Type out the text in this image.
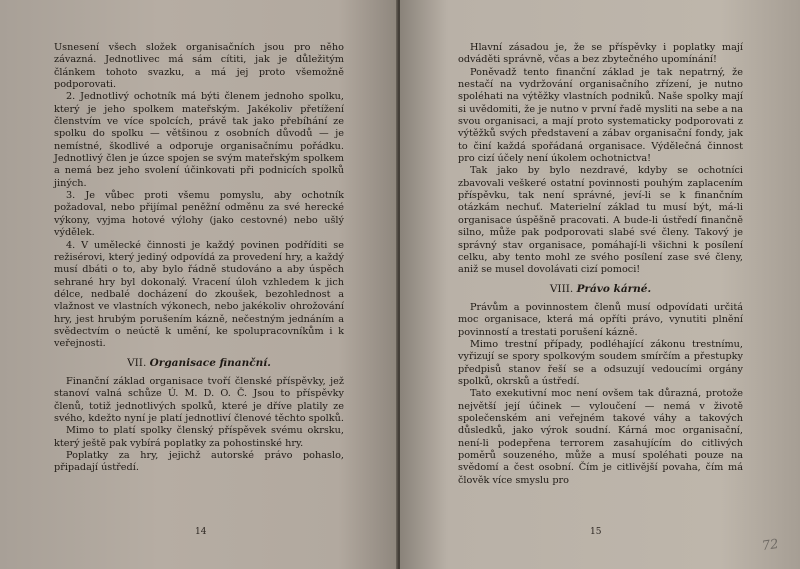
Usnesení všech složek organisačních jsou pro něho závazná. Jednotlivec má sám cítiti, jak je důležitým článkem tohoto svazku, a má jej proto všemožně podporovati.

2. Jednotlivý ochotník má býti členem jednoho spolku, který je jeho spolkem mateřským. Jakékoliv přetížení členstvím ve více spolcích, právě tak jako přebíhání ze spolku do spolku — většinou z osobních důvodů — je nemístné, škodlivé a odporuje organisačnímu pořádku. Jednotlivý člen je úzce spojen se svým mateřským spolkem a nemá bez jeho svolení účinkovati při podnicích spolků jiných.

3. Je vůbec proti všemu pomyslu, aby ochotník požadoval, nebo přijímal peněžní odměnu za své herecké výkony, vyjma hotové výlohy (jako cestovné) nebo ušlý výdělek.

4. V umělecké činnosti je každý povinen podříditi se režisérovi, který jediný odpovídá za provedení hry, a každý musí dbáti o to, aby bylo řádně studováno a aby úspěch sehrané hry byl dokonalý. Vracení úloh vzhledem k jich délce, nedbalé docházení do zkoušek, bezohlednost a vlažnost ve vlastních výkonech, nebo jakékoliv ohrožování hry, jest hrubým porušením kázně, nečestným jednáním a svědectvím o neúctě k umění, ke spolupracovníkům i k veřejnosti.

VII. Organisace finanční.

Finanční základ organisace tvoří členské příspěvky, jež stanoví valná schůze Ú. M. D. O. Č. Jsou to příspěvky členů, totiž jednotlivých spolků, které je dříve platily ze svého, kdežto nyní je platí jednotliví členové těchto spolků.

Mimo to platí spolky členský příspěvek svému okrsku, který ještě pak vybírá poplatky za pohostinské hry.

Poplatky za hry, jejichž autorské právo pohaslo, připadají ústředí.

14

Hlavní zásadou je, že se příspěvky i poplatky mají odváděti správně, včas a bez zbytečného upomínání!

Poněvadž tento finanční základ je tak nepatrný, že nestačí na vydržování organisačního zřízení, je nutno spoléhati na výtěžky vlastních podniků. Naše spolky mají si uvědomiti, že je nutno v první řadě mysliti na sebe a na svou organisaci, a mají proto systematicky podporovati z výtěžků svých představení a zábav organisační fondy, jak to činí každá spořádaná organisace. Výdělečná činnost pro cizí účely není úkolem ochotnictva!

Tak jako by bylo nezdravé, kdyby se ochotníci zbavovali veškeré ostatní povinnosti pouhým zaplacením příspěvku, tak není správné, jeví-li se k finančním otázkám nechuť. Materielní základ tu musí být, má-li organisace úspěšně pracovati. A bude-li ústředí finančně silno, může pak podporovati slabé své členy. Takový je správný stav organisace, pomáhají-li všichni k posílení celku, aby tento mohl ze svého posílení zase své členy, aniž se musel dovolávati cizí pomoci!

VIII. Právo kárné.

Právům a povinnostem členů musí odpovídati určitá moc organisace, která má opříti právo, vynutiti plnění povinností a trestati porušení kázně.

Mimo trestní případy, podléhající zákonu trestnímu, vyřizují se spory spolkovým soudem smírčím a přestupky předpisů stanov řeší se a odsuzují vedoucími orgány spolků, okrsků a ústředí.

Tato exekutivní moc není ovšem tak důrazná, protože největší její účinek — vyloučení — nemá v životě společenském ani veřejném takové váhy a takových důsledků, jako výrok soudní. Kárná moc organisační, není-li podepřena terrorem zasahujícím do citlivých poměrů souzeného, může a musí spoléhati pouze na svědomí a čest osobní. Čím je citlivější povaha, čím má člověk více smyslu pro

15
72
